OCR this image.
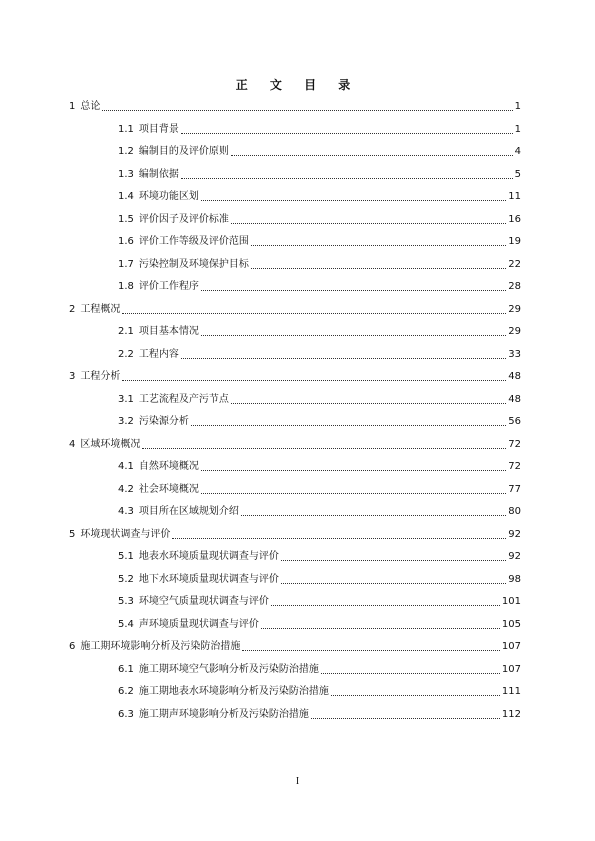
正 文 目 录
1 总论	1
1.1 项目背景	1
1.2 编制目的及评价原则	4
1.3 编制依据	5
1.4 环境功能区划	11
1.5 评价因子及评价标准	16
1.6 评价工作等级及评价范围	19
1.7 污染控制及环境保护目标	22
1.8 评价工作程序	28
2 工程概况	29
2.1 项目基本情况	29
2.2 工程内容	33
3 工程分析	48
3.1 工艺流程及产污节点	48
3.2 污染源分析	56
4 区域环境概况	72
4.1 自然环境概况	72
4.2 社会环境概况	77
4.3 项目所在区域规划介绍	80
5 环境现状调查与评价	92
5.1 地表水环境质量现状调查与评价	92
5.2 地下水环境质量现状调查与评价	98
5.3 环境空气质量现状调查与评价	101
5.4 声环境质量现状调查与评价	105
6 施工期环境影响分析及污染防治措施	107
6.1 施工期环境空气影响分析及污染防治措施	107
6.2 施工期地表水环境影响分析及污染防治措施	111
6.3 施工期声环境影响分析及污染防治措施	112
I
